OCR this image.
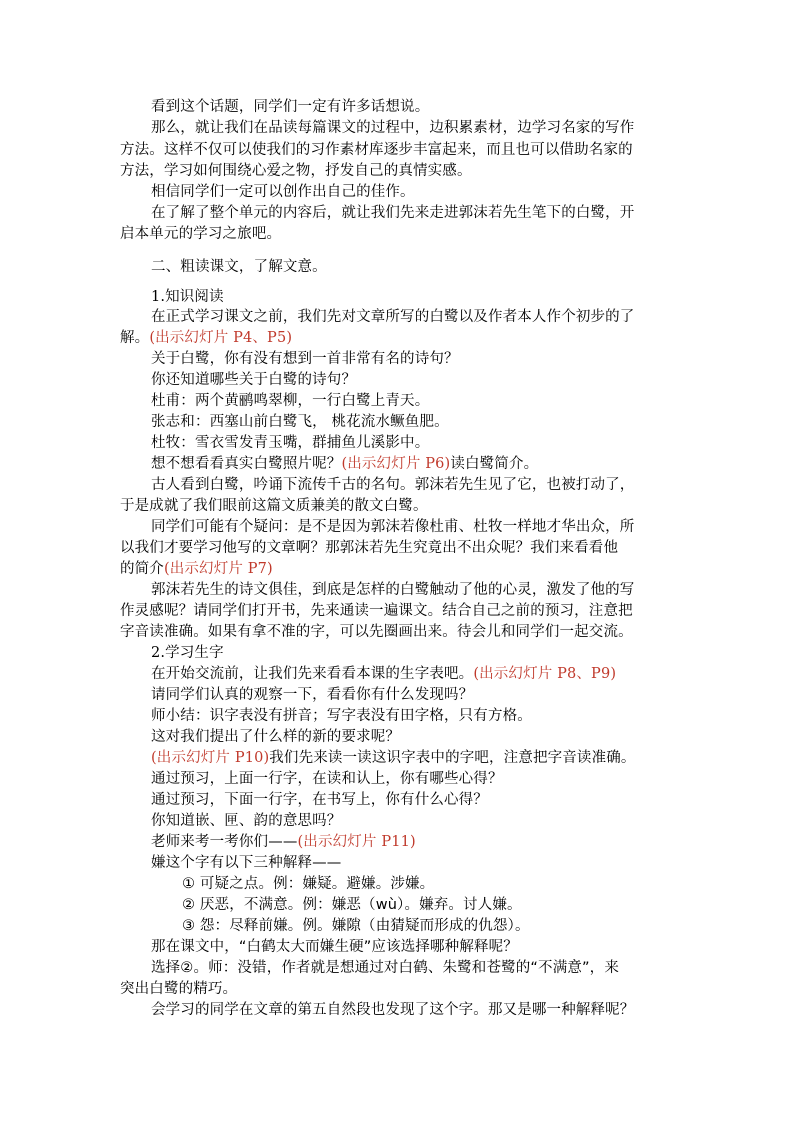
看到这个话题，同学们一定有许多话想说。
那么，就让我们在品读每篇课文的过程中，边积累素材，边学习名家的写作
方法。这样不仅可以使我们的习作素材库逐步丰富起来，而且也可以借助名家的
方法，学习如何围绕心爱之物，抒发自己的真情实感。
相信同学们一定可以创作出自己的佳作。
在了解了整个单元的内容后，就让我们先来走进郭沫若先生笔下的白鹭，开
启本单元的学习之旅吧。
二、粗读课文，了解文意。
1.知识阅读
在正式学习课文之前，我们先对文章所写的白鹭以及作者本人作个初步的了
解。(出示幻灯片 P4、P5)
关于白鹭，你有没有想到一首非常有名的诗句？
你还知道哪些关于白鹭的诗句？
杜甫：两个黄鹂鸣翠柳，一行白鹭上青天。
张志和：西塞山前白鹭飞， 桃花流水鳜鱼肥。
杜牧：雪衣雪发青玉嘴，群捕鱼儿溪影中。
想不想看看真实白鹭照片呢？(出示幻灯片 P6)读白鹭简介。
古人看到白鹭，吟诵下流传千古的名句。郭沫若先生见了它，也被打动了，
于是成就了我们眼前这篇文质兼美的散文白鹭。
同学们可能有个疑问：是不是因为郭沫若像杜甫、杜牧一样地才华出众，所
以我们才要学习他写的文章啊？那郭沫若先生究竟出不出众呢？我们来看看他
的简介(出示幻灯片 P7)
郭沫若先生的诗文俱佳，到底是怎样的白鹭触动了他的心灵，激发了他的写
作灵感呢？请同学们打开书，先来通读一遍课文。结合自己之前的预习，注意把
字音读准确。如果有拿不准的字，可以先圈画出来。待会儿和同学们一起交流。
2.学习生字
在开始交流前，让我们先来看看本课的生字表吧。(出示幻灯片 P8、P9)
请同学们认真的观察一下，看看你有什么发现吗？
师小结：识字表没有拼音；写字表没有田字格，只有方格。
这对我们提出了什么样的新的要求呢？
(出示幻灯片 P10)我们先来读一读这识字表中的字吧，注意把字音读准确。
通过预习，上面一行字，在读和认上，你有哪些心得？
通过预习，下面一行字，在书写上，你有什么心得？
你知道嵌、匣、韵的意思吗？
老师来考一考你们——(出示幻灯片 P11)
嫌这个字有以下三种解释——
① 可疑之点。例：嫌疑。避嫌。涉嫌。
② 厌恶，不满意。例：嫌恶（wù）。嫌弃。讨人嫌。
③ 怨：尽释前嫌。例。嫌隙（由猜疑而形成的仇怨）。
那在课文中，“白鹤太大而嫌生硬”应该选择哪种解释呢？
选择②。师：没错，作者就是想通过对白鹤、朱鹭和苍鹭的“不满意”，来
突出白鹭的精巧。
会学习的同学在文章的第五自然段也发现了这个字。那又是哪一种解释呢？
